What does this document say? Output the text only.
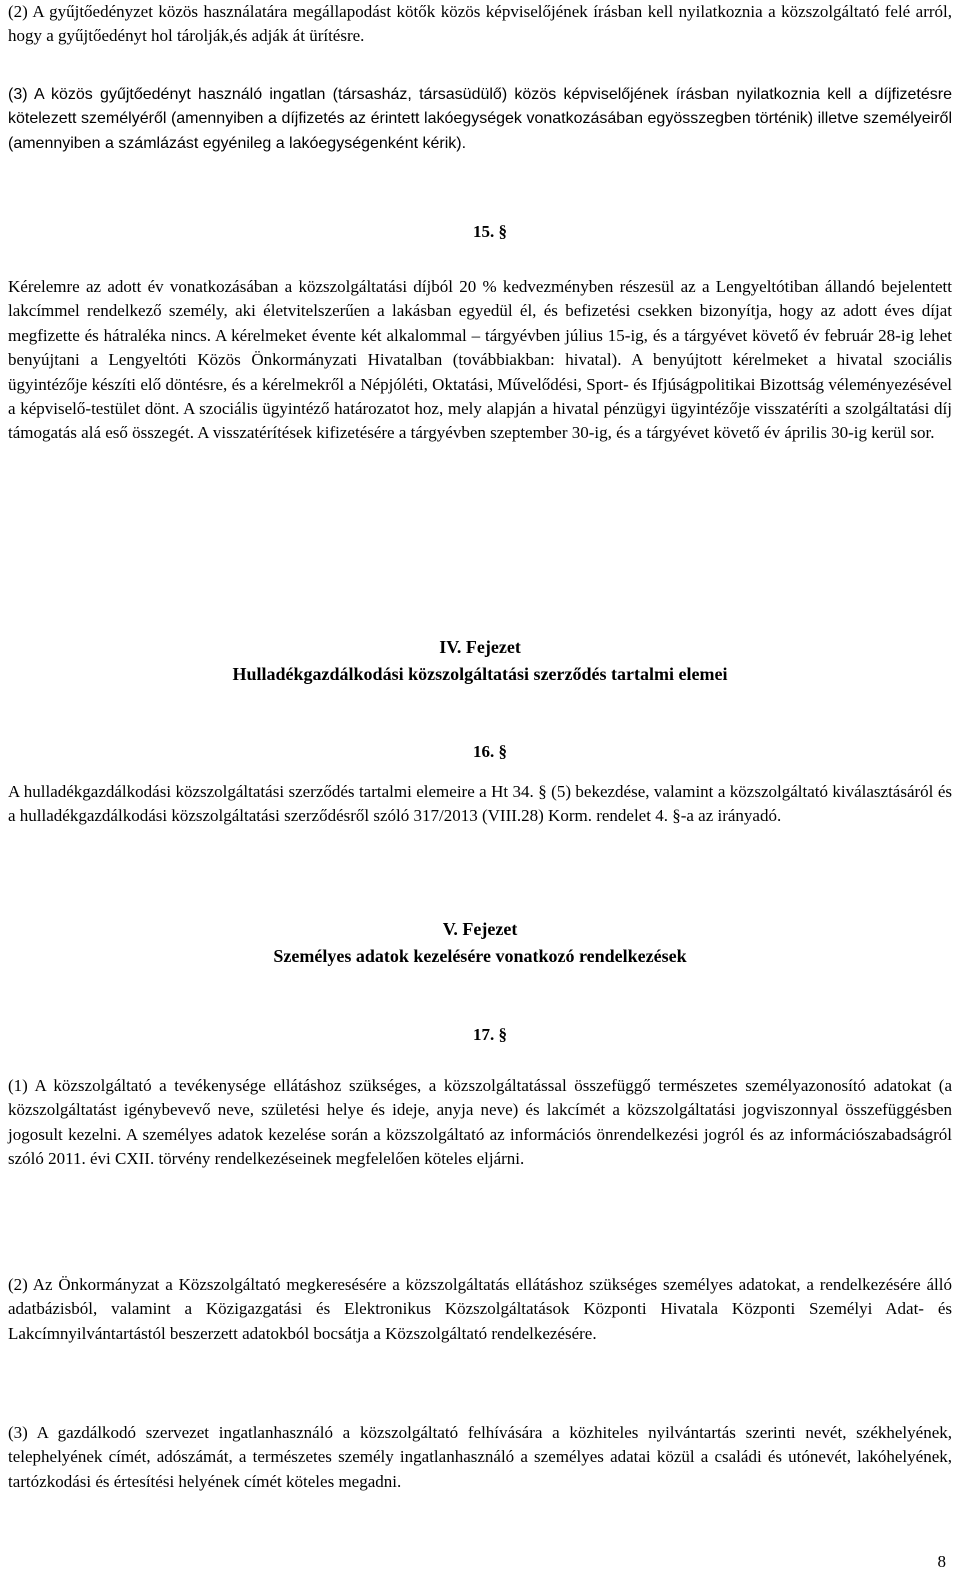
(2) A gyűjtőedényzet közös használatára megállapodást kötők közös képviselőjének írásban kell nyilatkoznia a közszolgáltató felé arról, hogy a gyűjtőedényt hol tárolják,és adják át ürítésre.

(3) A közös gyűjtőedényt használó ingatlan (társasház, társasüdülő) közös képviselőjének írásban nyilatkoznia kell a díjfizetésre kötelezett személyéről (amennyiben a díjfizetés az érintett lakóegységek vonatkozásában egyösszegben történik) illetve személyeiről (amennyiben a számlázást egyénileg a lakóegységenként kérik).

15. §

Kérelemre az adott év vonatkozásában a közszolgáltatási díjból 20 % kedvezményben részesül az a Lengyeltótiban állandó bejelentett lakcímmel rendelkező személy, aki életvitelszerűen a lakásban egyedül él, és befizetési csekken bizonyítja, hogy az adott éves díjat megfizette és hátraléka nincs. A kérelmeket évente két alkalommal – tárgyévben július 15-ig, és a tárgyévet követő év február 28-ig lehet benyújtani a Lengyeltóti Közös Önkormányzati Hivatalban (továbbiakban: hivatal). A benyújtott kérelmeket a hivatal szociális ügyintézője készíti elő döntésre, és a kérelmekről a Népjóléti, Oktatási, Művelődési, Sport- és Ifjúságpolitikai Bizottság véleményezésével a képviselő-testület dönt. A szociális ügyintéző határozatot hoz, mely alapján a hivatal pénzügyi ügyintézője visszatéríti a szolgáltatási díj támogatás alá eső összegét. A visszatérítések kifizetésére a tárgyévben szeptember 30-ig, és a tárgyévet követő év április 30-ig kerül sor.

IV. Fejezet

Hulladékgazdálkodási közszolgáltatási szerződés tartalmi elemei

16. §

A hulladékgazdálkodási közszolgáltatási szerződés tartalmi elemeire a Ht 34. § (5) bekezdése, valamint a közszolgáltató kiválasztásáról és a hulladékgazdálkodási közszolgáltatási szerződésről szóló 317/2013 (VIII.28) Korm. rendelet 4. §-a az irányadó.

V. Fejezet

Személyes adatok kezelésére vonatkozó rendelkezések

17. §

(1) A közszolgáltató a tevékenysége ellátáshoz szükséges, a közszolgáltatással összefüggő természetes személyazonosító adatokat (a közszolgáltatást igénybevevő neve, születési helye és ideje, anyja neve) és lakcímét a közszolgáltatási jogviszonnyal összefüggésben jogosult kezelni. A személyes adatok kezelése során a közszolgáltató az információs önrendelkezési jogról és az információszabadságról szóló 2011. évi CXII. törvény rendelkezéseinek megfelelően köteles eljárni.

(2) Az Önkormányzat a Közszolgáltató megkeresésére a közszolgáltatás ellátáshoz szükséges személyes adatokat, a rendelkezésére álló adatbázisból, valamint a Közigazgatási és Elektronikus Közszolgáltatások Központi Hivatala Központi Személyi Adat- és Lakcímnyilvántartástól beszerzett adatokból bocsátja a Közszolgáltató rendelkezésére.

(3) A gazdálkodó szervezet ingatlanhasználó a közszolgáltató felhívására a közhiteles nyilvántartás szerinti nevét, székhelyének, telephelyének címét, adószámát, a természetes személy ingatlanhasználó a személyes adatai közül a családi és utónevét, lakóhelyének, tartózkodási és értesítési helyének címét köteles megadni.

8
